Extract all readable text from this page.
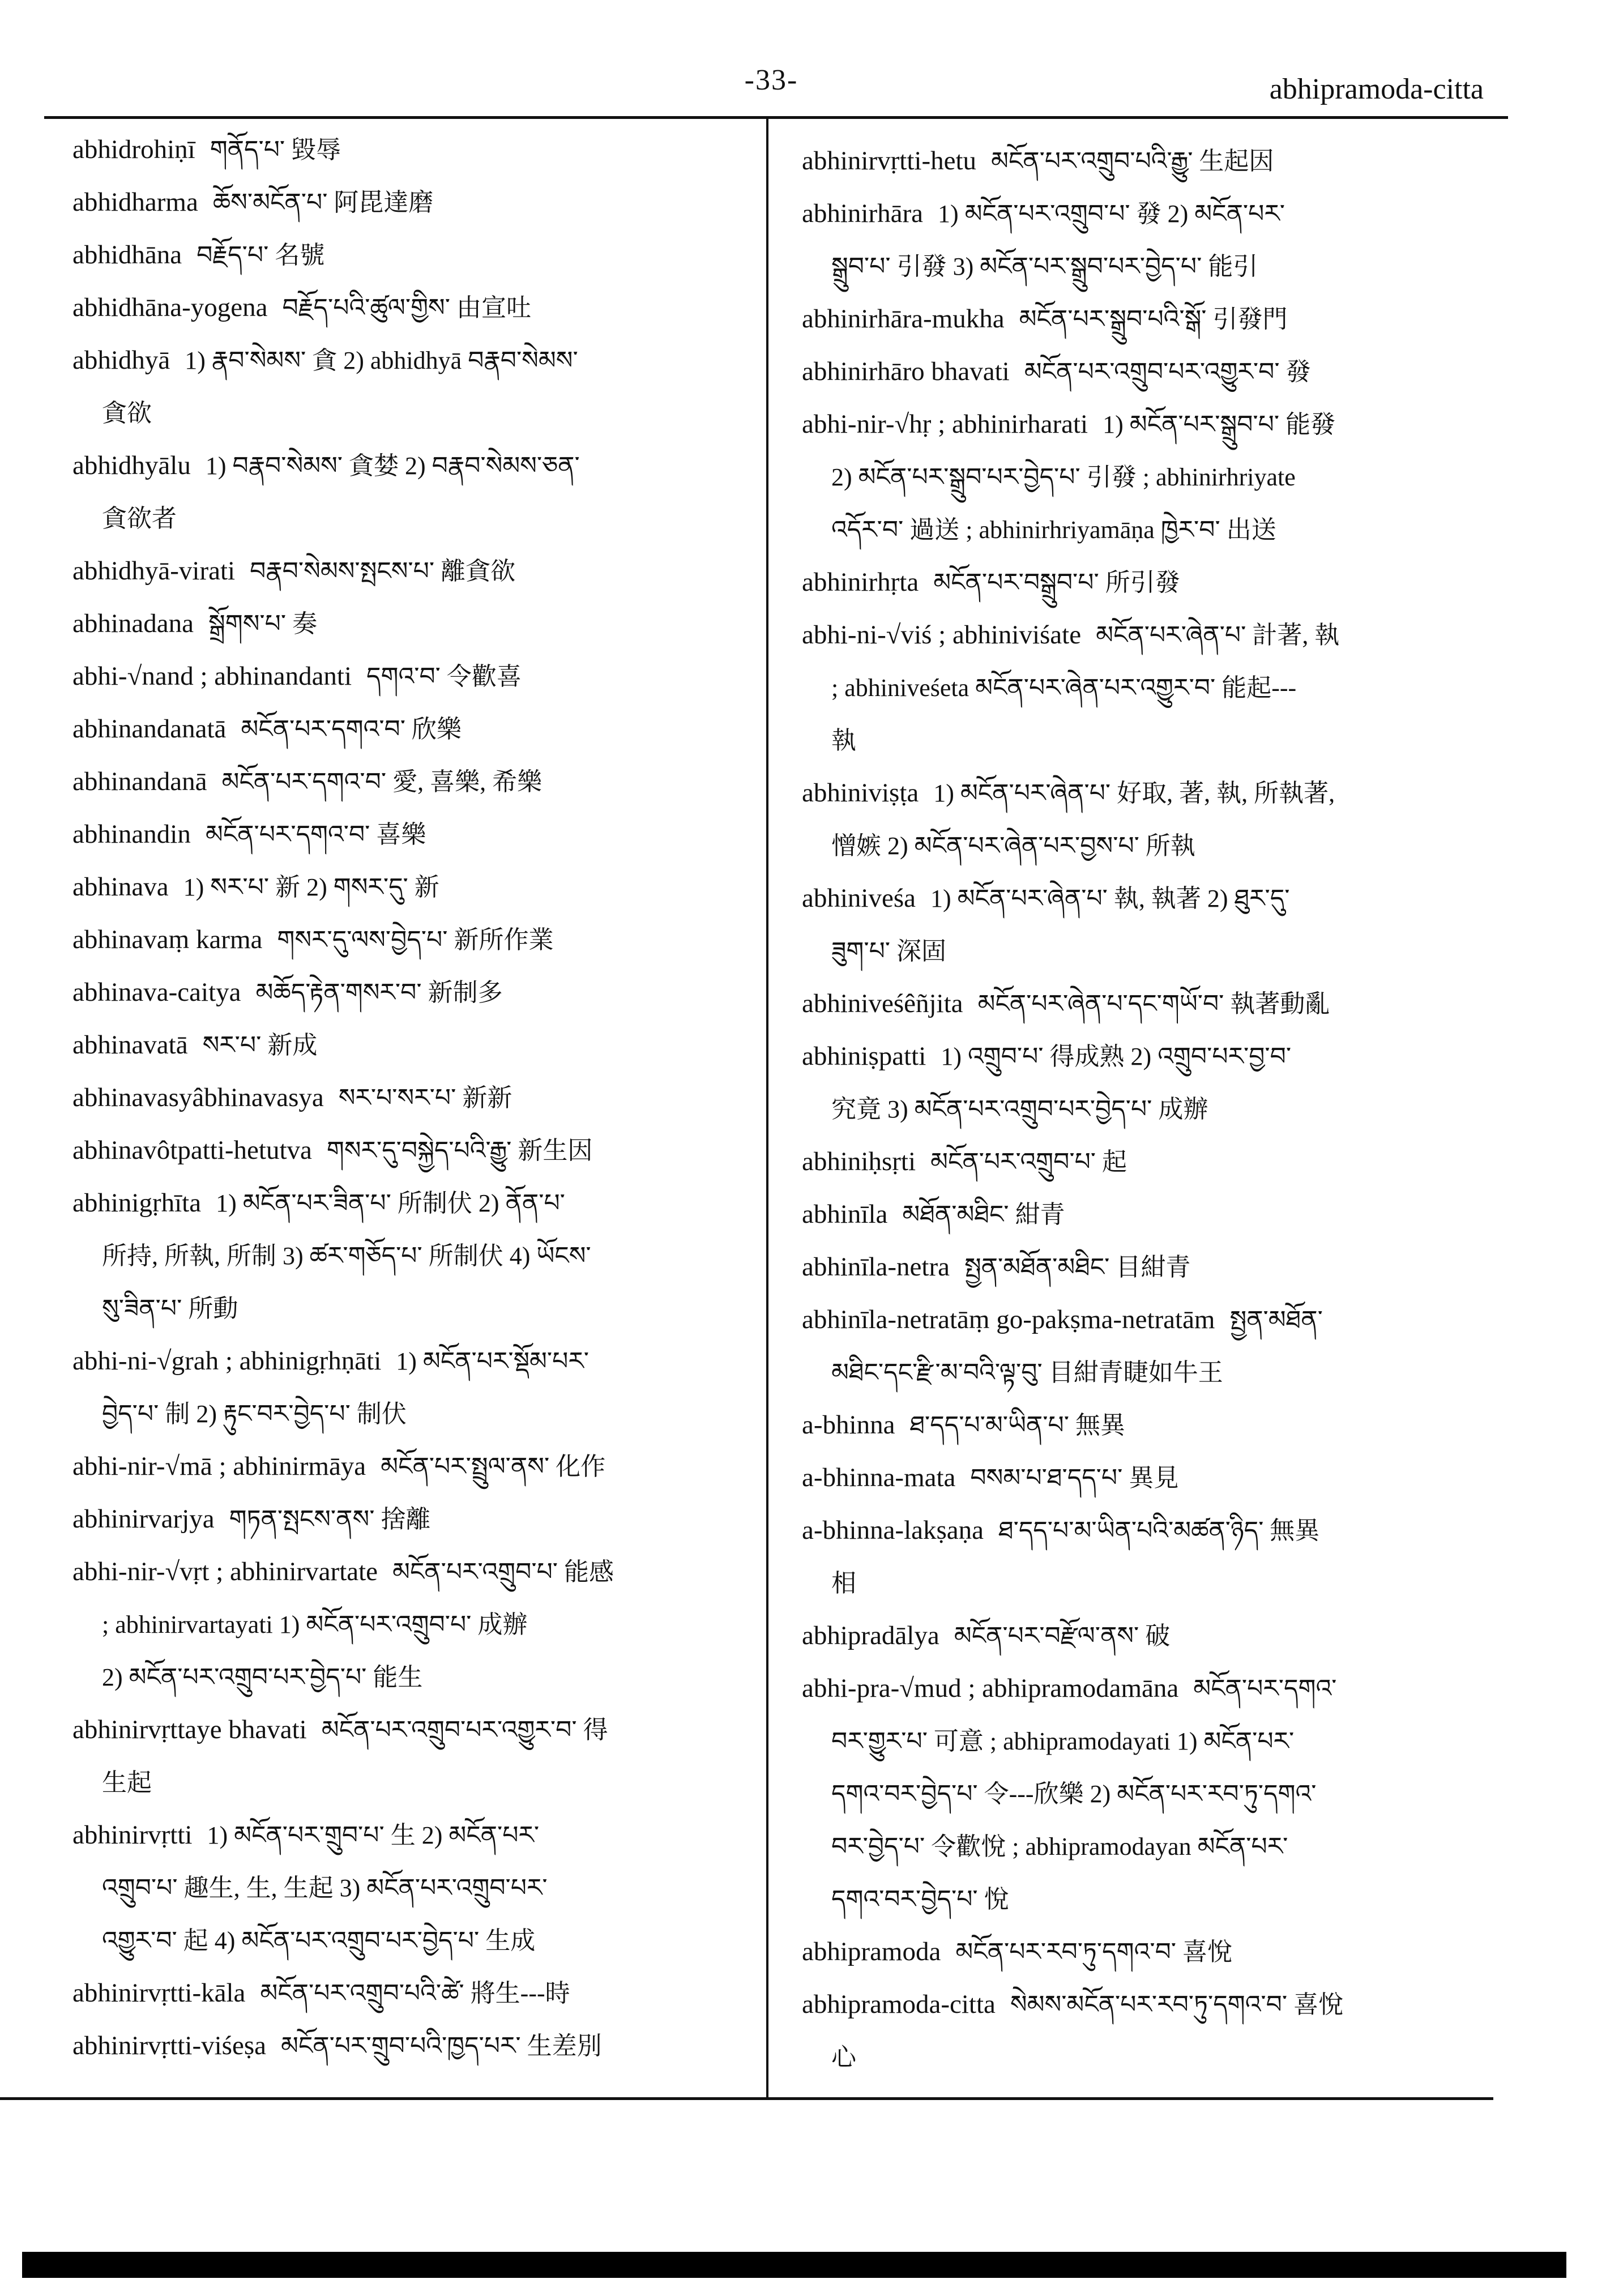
-33-	abhipramoda-citta
abhidrohiṇī གནོད་པ་ 毀辱
abhidharma ཆོས་མངོན་པ་ 阿毘達磨
abhidhāna བརྗོད་པ་ 名號
abhidhāna-yogena བརྗོད་པའི་ཚུལ་གྱིས་ 由宣吐
abhidhyā 1) རྣབ་སེམས་ 貪 2) abhidhyā བརྣབ་སེམས་
貪欲
abhidhyālu 1) བརྣབ་སེམས་ 貪婪 2) བརྣབ་སེམས་ཅན་
貪欲者
abhidhyā-virati བརྣབ་སེམས་སྤངས་པ་ 離貪欲
abhinadana སྒྲོགས་པ་ 奏
abhi-√nand ; abhinandanti དགའ་བ་ 令歡喜
abhinandanatā མངོན་པར་དགའ་བ་ 欣樂
abhinandanā མངོན་པར་དགའ་བ་ 愛, 喜樂, 希樂
abhinandin མངོན་པར་དགའ་བ་ 喜樂
abhinava 1) སར་པ་ 新 2) གསར་དུ་ 新
abhinavaṃ karma གསར་དུ་ལས་བྱེད་པ་ 新所作業
abhinava-caitya མཆོད་རྟེན་གསར་བ་ 新制多
abhinavatā སར་པ་ 新成
abhinavasyâbhinavasya སར་པ་སར་པ་ 新新
abhinavôtpatti-hetutva གསར་དུ་བསྐྱེད་པའི་རྒྱུ་ 新生因
abhinigṛhīta 1) མངོན་པར་ཟིན་པ་ 所制伏 2) ནོན་པ་
所持, 所執, 所制 3) ཚར་གཅོད་པ་ 所制伏 4) ཡོངས་
སུ་ཟིན་པ་ 所動
abhi-ni-√grah ; abhinigṛhṇāti 1) མངོན་པར་སྡོམ་པར་
བྱེད་པ་ 制 2) རྟུང་བར་བྱེད་པ་ 制伏
abhi-nir-√mā ; abhinirmāya མངོན་པར་སྤྲུལ་ནས་ 化作
abhinirvarjya གཏན་སྤངས་ནས་ 捨離
abhi-nir-√vṛt ; abhinirvartate མངོན་པར་འགྲུབ་པ་ 能感
; abhinirvartayati 1) མངོན་པར་འགྲུབ་པ་ 成辦
2) མངོན་པར་འགྲུབ་པར་བྱེད་པ་ 能生
abhinirvṛttaye bhavati མངོན་པར་འགྲུབ་པར་འགྱུར་བ་ 得
生起
abhinirvṛtti 1) མངོན་པར་གྲུབ་པ་ 生 2) མངོན་པར་
འགྲུབ་པ་ 趣生, 生, 生起 3) མངོན་པར་འགྲུབ་པར་
འགྱུར་བ་ 起 4) མངོན་པར་འགྲུབ་པར་བྱེད་པ་ 生成
abhinirvṛtti-kāla མངོན་པར་འགྲུབ་པའི་ཚེ་ 將生---時
abhinirvṛtti-viśeṣa མངོན་པར་གྲུབ་པའི་ཁྱད་པར་ 生差別
abhinirvṛtti-hetu མངོན་པར་འགྲུབ་པའི་རྒྱུ་ 生起因
abhinirhāra 1) མངོན་པར་འགྲུབ་པ་ 發 2) མངོན་པར་
སྒྲུབ་པ་ 引發 3) མངོན་པར་སྒྲུབ་པར་བྱེད་པ་ 能引
abhinirhāra-mukha མངོན་པར་སྒྲུབ་པའི་སྒོ་ 引發門
abhinirhāro bhavati མངོན་པར་འགྲུབ་པར་འགྱུར་བ་ 發
abhi-nir-√hṛ ; abhinirharati 1) མངོན་པར་སྒྲུབ་པ་ 能發
2) མངོན་པར་སྒྲུབ་པར་བྱེད་པ་ 引發 ; abhinirhriyate
འདོར་བ་ 過送 ; abhinirhriyamāṇa ཁྱེར་བ་ 出送
abhinirhṛta མངོན་པར་བསྒྲུབ་པ་ 所引發
abhi-ni-√viś ; abhiniviśate མངོན་པར་ཞེན་པ་ 計著, 執
; abhiniveśeta མངོན་པར་ཞེན་པར་འགྱུར་བ་ 能起---
執
abhiniviṣṭa 1) མངོན་པར་ཞེན་པ་ 好取, 著, 執, 所執著,
憎嫉 2) མངོན་པར་ཞེན་པར་བྱས་པ་ 所執
abhiniveśa 1) མངོན་པར་ཞེན་པ་ 執, 執著 2) ཐུར་དུ་
ཟུག་པ་ 深固
abhiniveśêñjita མངོན་པར་ཞེན་པ་དང་གཡོ་བ་ 執著動亂
abhiniṣpatti 1) འགྲུབ་པ་ 得成熟 2) འགྲུབ་པར་བྱ་བ་
究竟 3) མངོན་པར་འགྲུབ་པར་བྱེད་པ་ 成辦
abhiniḥsṛti མངོན་པར་འགྲུབ་པ་ 起
abhinīla མཐོན་མཐིང་ 紺青
abhinīla-netra སྤྱན་མཐོན་མཐིང་ 目紺青
abhinīla-netratāṃ go-pakṣma-netratām སྤྱན་མཐོན་
མཐིང་དང་རྫི་མ་བའི་ལྟ་བུ་ 目紺青睫如牛王
a-bhinna ཐ་དད་པ་མ་ཡིན་པ་ 無異
a-bhinna-mata བསམ་པ་ཐ་དད་པ་ 異見
a-bhinna-lakṣaṇa ཐ་དད་པ་མ་ཡིན་པའི་མཚན་ཉིད་ 無異
相
abhipradālya མངོན་པར་བརྫོལ་ནས་ 破
abhi-pra-√mud ; abhipramodamāna མངོན་པར་དགའ་
བར་གྱུར་པ་ 可意 ; abhipramodayati 1) མངོན་པར་
དགའ་བར་བྱེད་པ་ 令---欣樂 2) མངོན་པར་རབ་ཏུ་དགའ་
བར་བྱེད་པ་ 令歡悅 ; abhipramodayan མངོན་པར་
དགའ་བར་བྱེད་པ་ 悅
abhipramoda མངོན་པར་རབ་ཏུ་དགའ་བ་ 喜悅
abhipramoda-citta སེམས་མངོན་པར་རབ་ཏུ་དགའ་བ་ 喜悅
心
